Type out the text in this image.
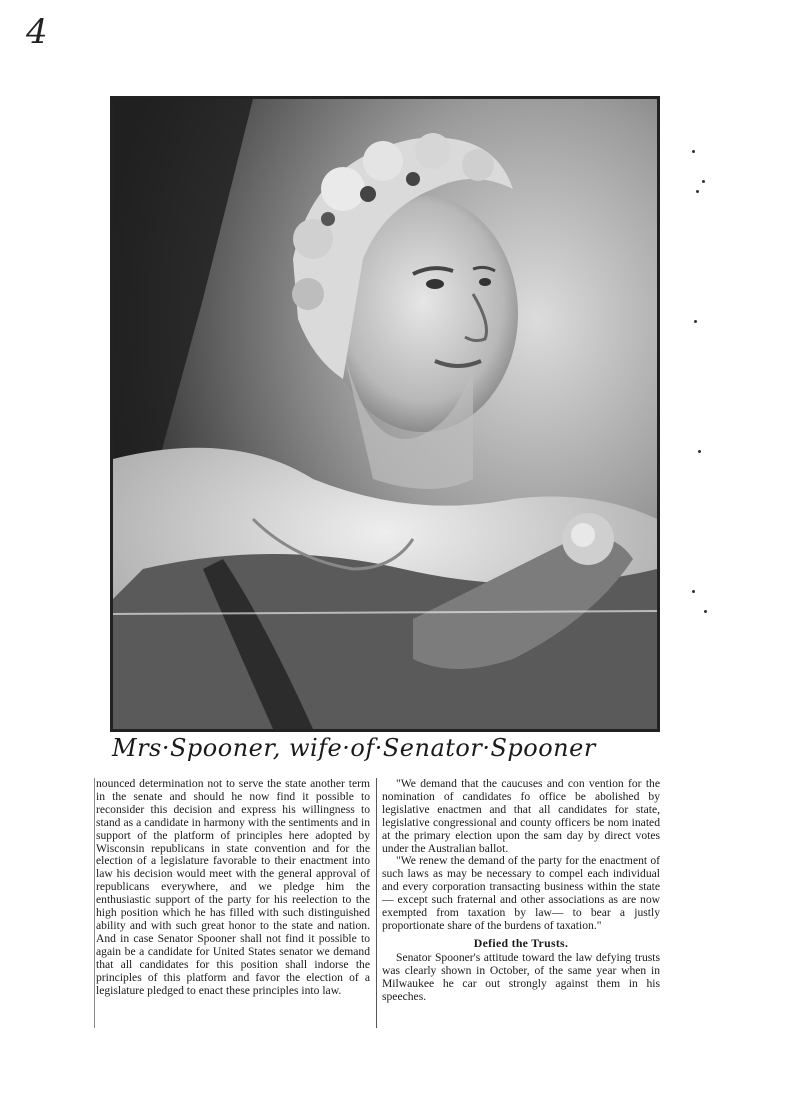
4
Mrs·Spooner, wife·of·Senator·Spooner

nounced determination not to serve the state another term in the senate and should he now find it possible to reconsider this decision and express his willingness to stand as a candidate in harmony with the sentiments and in support of the platform of principles here adopted by Wisconsin republicans in state convention and for the election of a legislature favorable to their enactment into law his decision would meet with the general approval of republicans everywhere, and we pledge him the enthusiastic support of the party for his reelection to the high position which he has filled with such distinguished ability and with such great honor to the state and nation. And in case Senator Spooner shall not find it possible to again be a candidate for United States senator we demand that all candidates for this position shall indorse the principles of this platform and favor the election of a legislature pledged to enact these principles into law.

"We demand that the caucuses and con vention for the nomination of candidates fo office be abolished by legislative enactmen and that all candidates for state, legislative congressional and county officers be nom inated at the primary election upon the sam day by direct votes under the Australian ballot.

"We renew the demand of the party for the enactment of such laws as may be necessary to compel each individual and every corporation transacting business within the state— except such fraternal and other associations as are now exempted from taxation by law— to bear a justly proportionate share of the burdens of taxation."

Defied the Trusts.

Senator Spooner's attitude toward the law defying trusts was clearly shown in October, of the same year when in Milwaukee he car out strongly against them in his speeches.
